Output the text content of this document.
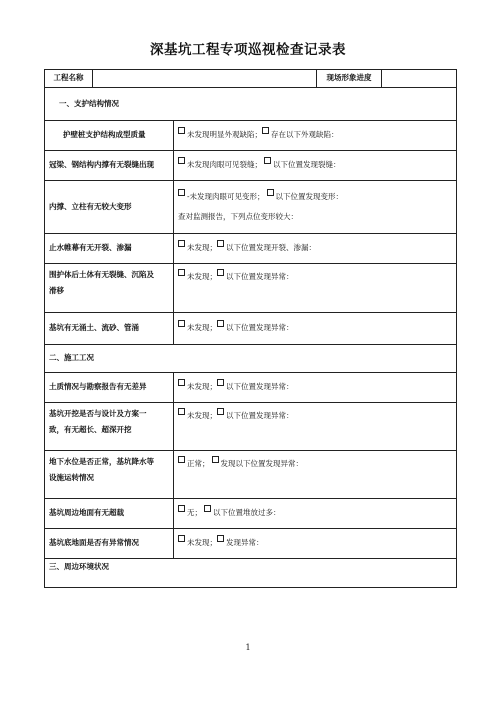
深基坑工程专项巡视检查记录表
工程名称			现场形象进度	
一、支护结构情况				
护壁桩支护结构成型质量		未发现明显外观缺陷； 存在以下外观缺陷：		
冠梁、钢结构内撑有无裂缝出现		未发现肉眼可见裂缝； 以下位置发现裂缝：		
内撑、立柱有无较大变形		-未发现肉眼可见变形； 以下位置发现变形：
查对监测报告，下列点位变形较大：		

止水帷幕有无开裂、渗漏		未发现； 以下位置发现开裂、渗漏：		

围护体后土体有无裂缝、沉陷及
滑移		未发现； 以下位置发现异常：		
基坑有无涌土、流砂、管涌		未发现； 以下位置发现异常：		
二、施工工况				
土质情况与勘察报告有无差异		未发现； 以下位置发现异常：		

基坑开挖是否与设计及方案一
致，有无超长、超深开挖		未发现； 以下位置发现异常：		

地下水位是否正常，基坑降水等
设施运转情况		正常； 发现以下位置发现异常：		
基坑周边地面有无超载		无； 以下位置堆放过多：		
基坑底地面是否有异常情况		未发现； 发现异常：		
三、周边环境状况				
1
